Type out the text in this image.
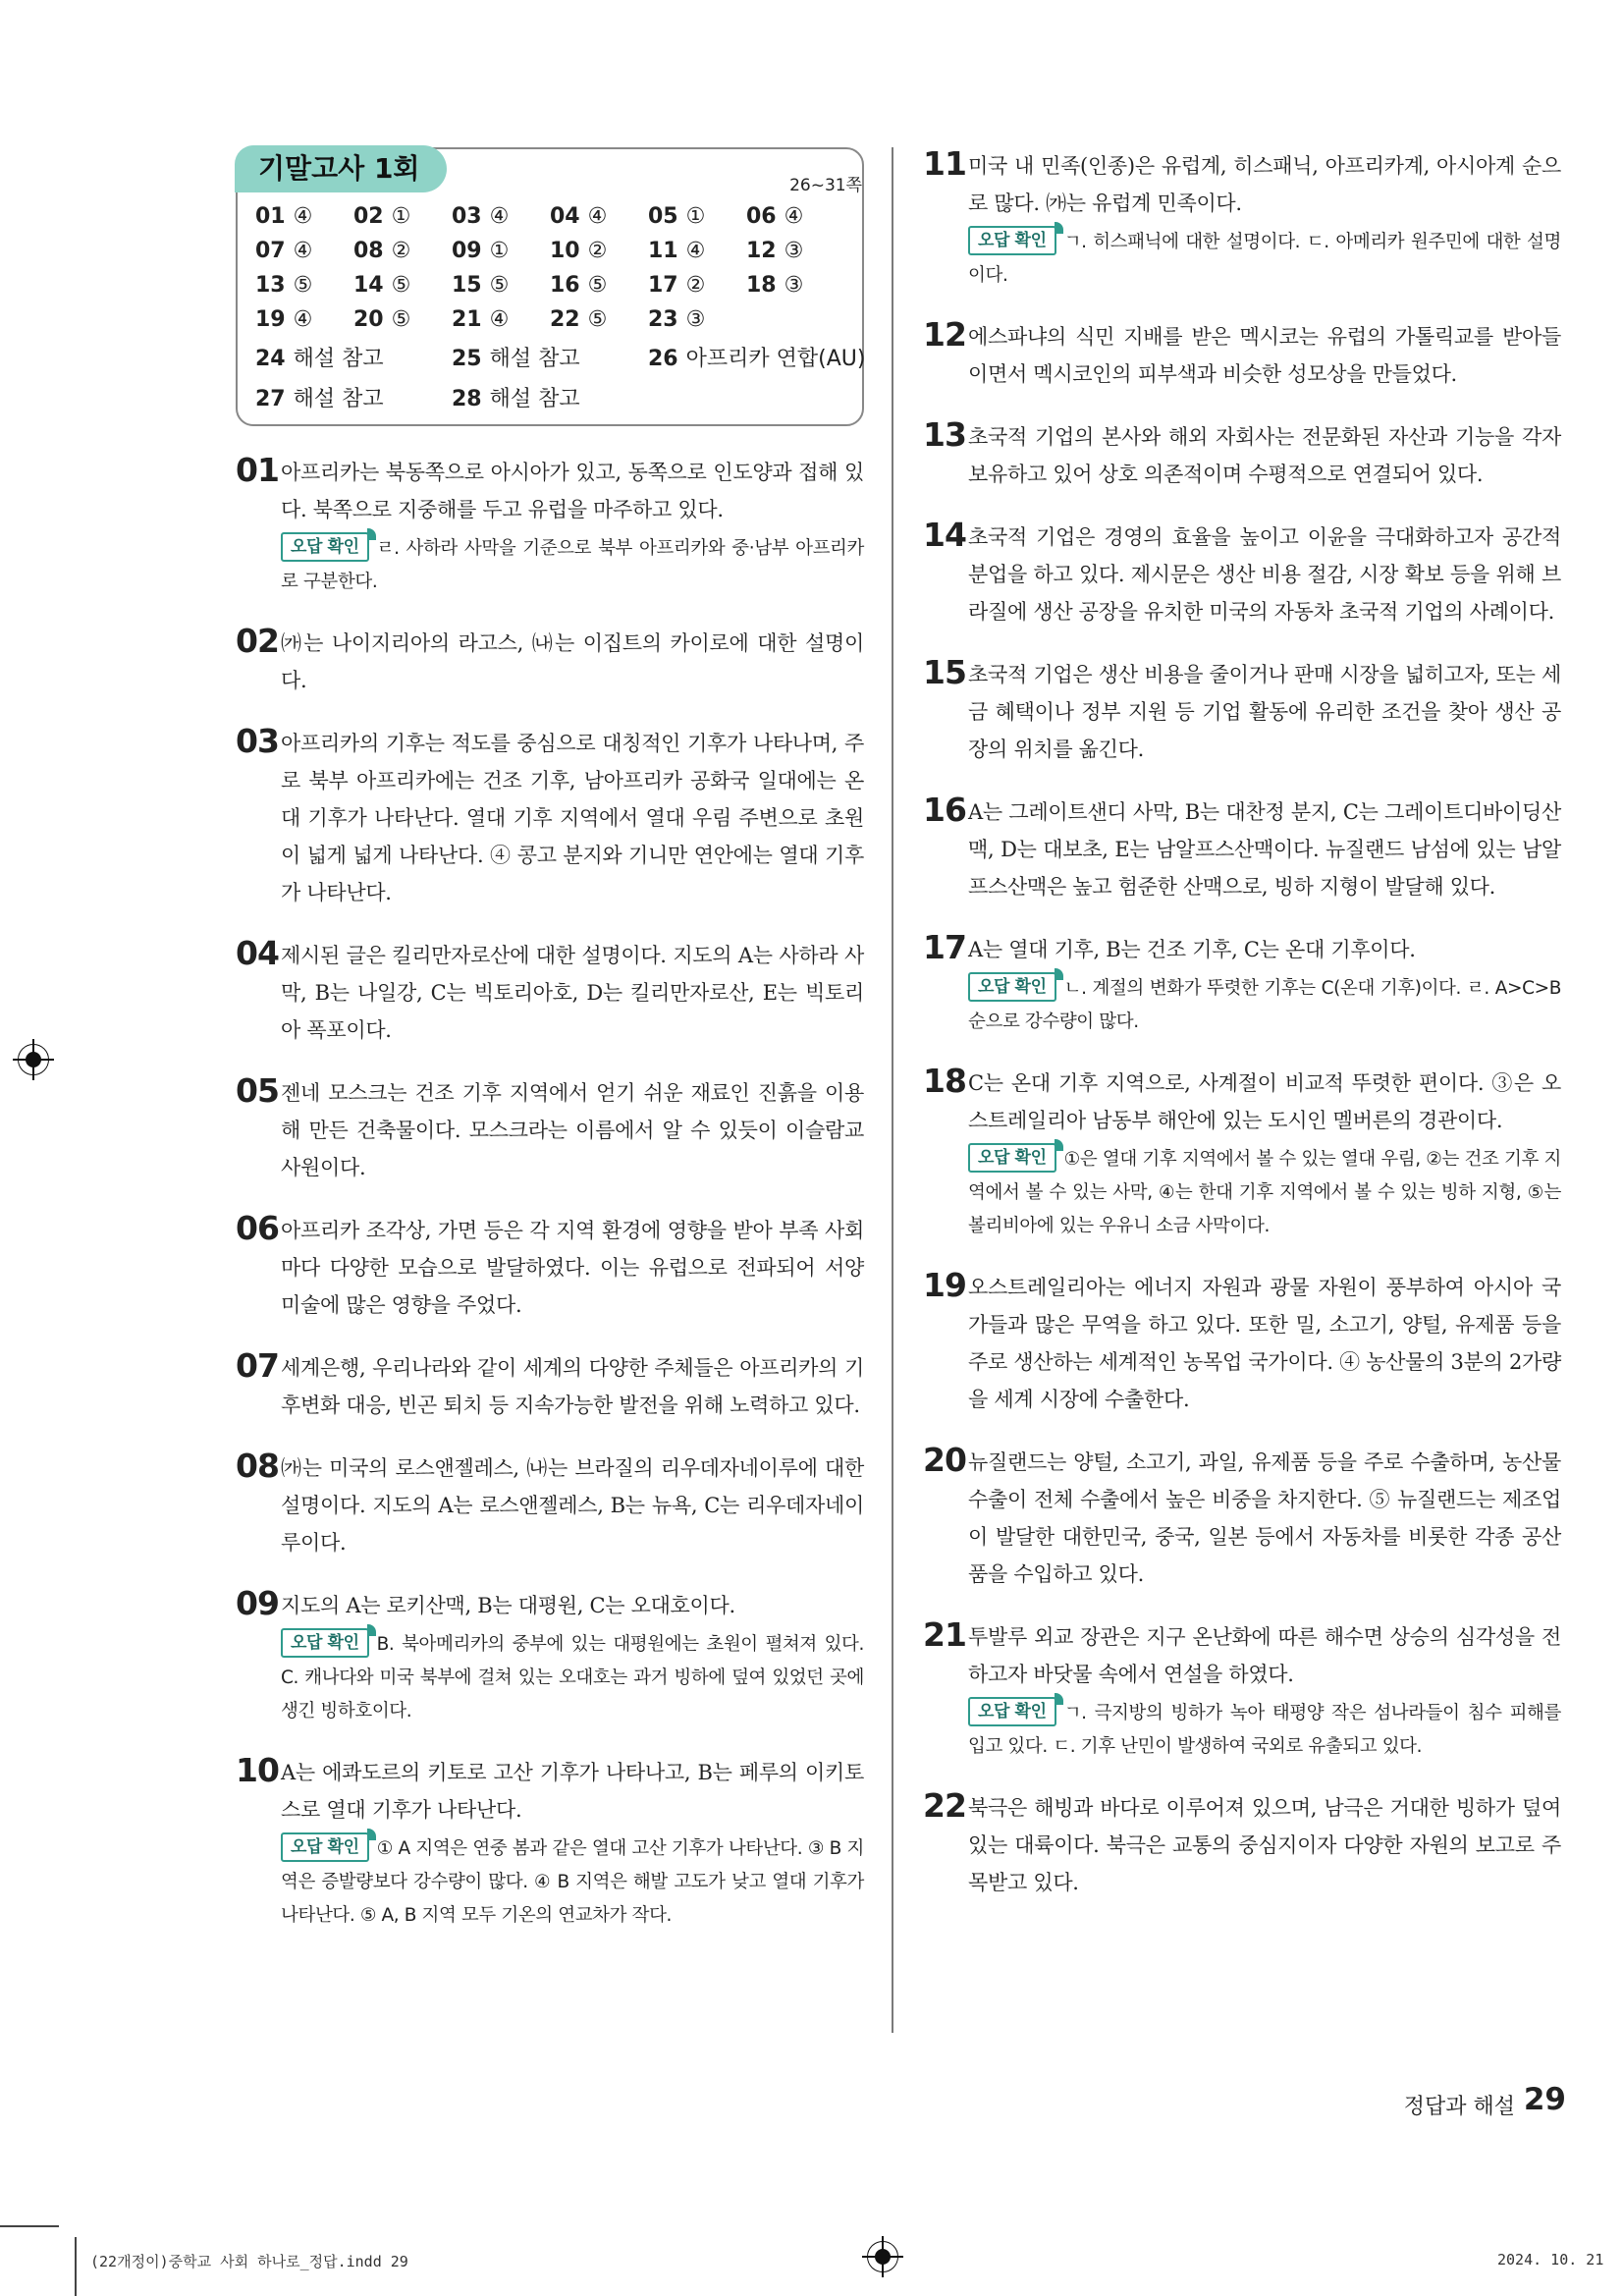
기말고사 1회
26~31쪽
01 ④	02 ①	03 ④	04 ④	05 ①	06 ④
07 ④	08 ②	09 ①	10 ②	11 ④	12 ③
13 ⑤	14 ⑤	15 ⑤	16 ⑤	17 ②	18 ③
19 ④	20 ⑤	21 ④	22 ⑤	23 ③
24 해설 참고	25 해설 참고	26 아프리카 연합(AU)
27 해설 참고	28 해설 참고
01 아프리카는 북동쪽으로 아시아가 있고, 동쪽으로 인도양과 접해 있다. 북쪽으로 지중해를 두고 유럽을 마주하고 있다.
오답 확인 ㄹ. 사하라 사막을 기준으로 북부 아프리카와 중·남부 아프리카로 구분한다.
02 ㈎는 나이지리아의 라고스, ㈏는 이집트의 카이로에 대한 설명이다.
03 아프리카의 기후는 적도를 중심으로 대칭적인 기후가 나타나며, 주로 북부 아프리카에는 건조 기후, 남아프리카 공화국 일대에는 온대 기후가 나타난다. 열대 기후 지역에서 열대 우림 주변으로 초원이 넓게 넓게 나타난다. ④ 콩고 분지와 기니만 연안에는 열대 기후가 나타난다.
04 제시된 글은 킬리만자로산에 대한 설명이다. 지도의 A는 사하라 사막, B는 나일강, C는 빅토리아호, D는 킬리만자로산, E는 빅토리아 폭포이다.
05 젠네 모스크는 건조 기후 지역에서 얻기 쉬운 재료인 진흙을 이용해 만든 건축물이다. 모스크라는 이름에서 알 수 있듯이 이슬람교 사원이다.
06 아프리카 조각상, 가면 등은 각 지역 환경에 영향을 받아 부족 사회마다 다양한 모습으로 발달하였다. 이는 유럽으로 전파되어 서양 미술에 많은 영향을 주었다.
07 세계은행, 우리나라와 같이 세계의 다양한 주체들은 아프리카의 기후변화 대응, 빈곤 퇴치 등 지속가능한 발전을 위해 노력하고 있다.
08 ㈎는 미국의 로스앤젤레스, ㈏는 브라질의 리우데자네이루에 대한 설명이다. 지도의 A는 로스앤젤레스, B는 뉴욕, C는 리우데자네이루이다.
09 지도의 A는 로키산맥, B는 대평원, C는 오대호이다.
오답 확인 B. 북아메리카의 중부에 있는 대평원에는 초원이 펼쳐져 있다. C. 캐나다와 미국 북부에 걸쳐 있는 오대호는 과거 빙하에 덮여 있었던 곳에 생긴 빙하호이다.
10 A는 에콰도르의 키토로 고산 기후가 나타나고, B는 페루의 이키토스로 열대 기후가 나타난다.
오답 확인 ① A 지역은 연중 봄과 같은 열대 고산 기후가 나타난다. ③ B 지역은 증발량보다 강수량이 많다. ④ B 지역은 해발 고도가 낮고 열대 기후가 나타난다. ⑤ A, B 지역 모두 기온의 연교차가 작다.
11 미국 내 민족(인종)은 유럽계, 히스패닉, 아프리카계, 아시아계 순으로 많다. ㈎는 유럽계 민족이다.
오답 확인 ㄱ. 히스패닉에 대한 설명이다. ㄷ. 아메리카 원주민에 대한 설명이다.
12 에스파냐의 식민 지배를 받은 멕시코는 유럽의 가톨릭교를 받아들이면서 멕시코인의 피부색과 비슷한 성모상을 만들었다.
13 초국적 기업의 본사와 해외 자회사는 전문화된 자산과 기능을 각자 보유하고 있어 상호 의존적이며 수평적으로 연결되어 있다.
14 초국적 기업은 경영의 효율을 높이고 이윤을 극대화하고자 공간적 분업을 하고 있다. 제시문은 생산 비용 절감, 시장 확보 등을 위해 브라질에 생산 공장을 유치한 미국의 자동차 초국적 기업의 사례이다.
15 초국적 기업은 생산 비용을 줄이거나 판매 시장을 넓히고자, 또는 세금 혜택이나 정부 지원 등 기업 활동에 유리한 조건을 찾아 생산 공장의 위치를 옮긴다.
16 A는 그레이트샌디 사막, B는 대찬정 분지, C는 그레이트디바이딩산맥, D는 대보초, E는 남알프스산맥이다. 뉴질랜드 남섬에 있는 남알프스산맥은 높고 험준한 산맥으로, 빙하 지형이 발달해 있다.
17 A는 열대 기후, B는 건조 기후, C는 온대 기후이다.
오답 확인 ㄴ. 계절의 변화가 뚜렷한 기후는 C(온대 기후)이다. ㄹ. A>C>B 순으로 강수량이 많다.
18 C는 온대 기후 지역으로, 사계절이 비교적 뚜렷한 편이다. ③은 오스트레일리아 남동부 해안에 있는 도시인 멜버른의 경관이다.
오답 확인 ①은 열대 기후 지역에서 볼 수 있는 열대 우림, ②는 건조 기후 지역에서 볼 수 있는 사막, ④는 한대 기후 지역에서 볼 수 있는 빙하 지형, ⑤는 볼리비아에 있는 우유니 소금 사막이다.
19 오스트레일리아는 에너지 자원과 광물 자원이 풍부하여 아시아 국가들과 많은 무역을 하고 있다. 또한 밀, 소고기, 양털, 유제품 등을 주로 생산하는 세계적인 농목업 국가이다. ④ 농산물의 3분의 2가량을 세계 시장에 수출한다.
20 뉴질랜드는 양털, 소고기, 과일, 유제품 등을 주로 수출하며, 농산물 수출이 전체 수출에서 높은 비중을 차지한다. ⑤ 뉴질랜드는 제조업이 발달한 대한민국, 중국, 일본 등에서 자동차를 비롯한 각종 공산품을 수입하고 있다.
21 투발루 외교 장관은 지구 온난화에 따른 해수면 상승의 심각성을 전하고자 바닷물 속에서 연설을 하였다.
오답 확인 ㄱ. 극지방의 빙하가 녹아 태평양 작은 섬나라들이 침수 피해를 입고 있다. ㄷ. 기후 난민이 발생하여 국외로 유출되고 있다.
22 북극은 해빙과 바다로 이루어져 있으며, 남극은 거대한 빙하가 덮여 있는 대륙이다. 북극은 교통의 중심지이자 다양한 자원의 보고로 주목받고 있다.
정답과 해설 29
(22개정이)중학교 사회 하나로_정답.indd 29	2024. 10. 21
